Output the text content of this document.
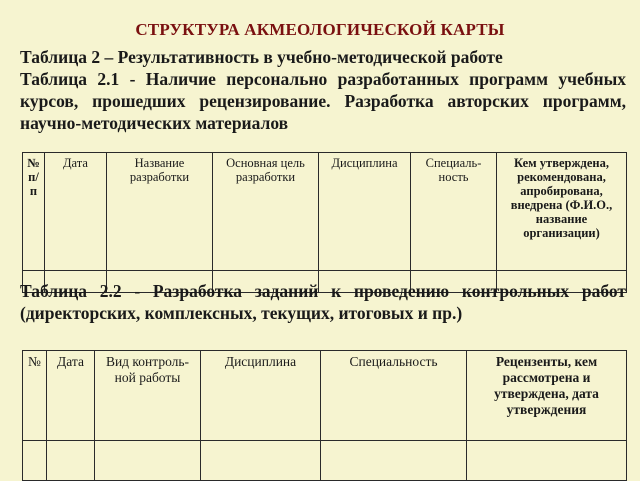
СТРУКТУРА АКМЕОЛОГИЧЕСКОЙ КАРТЫ
Таблица 2 – Результативность в учебно-методической работе
Таблица 2.1 - Наличие персонально разработанных программ учебных курсов, прошедших рецензирование. Разработка авторских программ, научно-методических материалов
№ п/п	Дата	Название разработки	Основная цель разработки	Дисциплина	Специаль-ность	Кем утверждена, рекомендована, апробирована, внедрена (Ф.И.О., название организации)

Таблица 2.2 - Разработка заданий к проведению контрольных работ (директорских, комплексных, текущих, итоговых и пр.)
№	Дата	Вид контроль-ной работы	Дисциплина	Специальность	Рецензенты, кем рассмотрена и утверждена, дата утверждения
